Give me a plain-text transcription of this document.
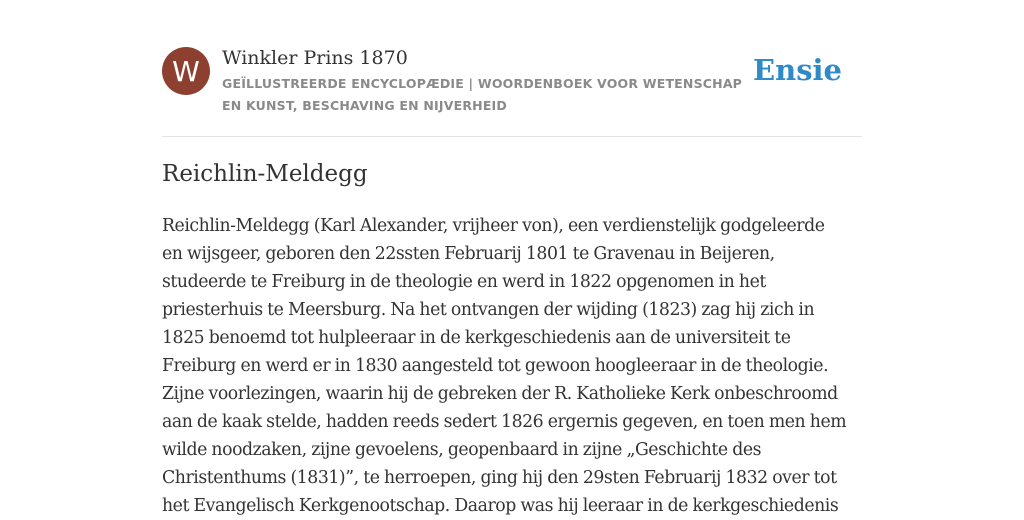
W	Winkler Prins 1870
GEÏLLUSTREERDE ENCYCLOPÆDIE | WOORDENBOEK VOOR WETENSCHAP EN KUNST, BESCHAVING EN NIJVERHEID
Ensie
Reichlin-Meldegg

Reichlin-Meldegg (Karl Alexander, vrijheer von), een verdienstelijk godgeleerde
en wijsgeer, geboren den 22ssten Februarij 1801 te Gravenau in Beijeren,
studeerde te Freiburg in de theologie en werd in 1822 opgenomen in het
priesterhuis te Meersburg. Na het ontvangen der wijding (1823) zag hij zich in
1825 benoemd tot hulpleeraar in de kerkgeschiedenis aan de universiteit te
Freiburg en werd er in 1830 aangesteld tot gewoon hoogleeraar in de theologie.
Zijne voorlezingen, waarin hij de gebreken der R. Katholieke Kerk onbeschroomd
aan de kaak stelde, hadden reeds sedert 1826 ergernis gegeven, en toen men hem
wilde noodzaken, zijne gevoelens, geopenbaard in zijne „Geschichte des
Christenthums (1831)”, te herroepen, ging hij den 29sten Februarij 1832 over tot
het Evangelisch Kerkgenootschap. Daarop was hij leeraar in de kerkgeschiedenis
